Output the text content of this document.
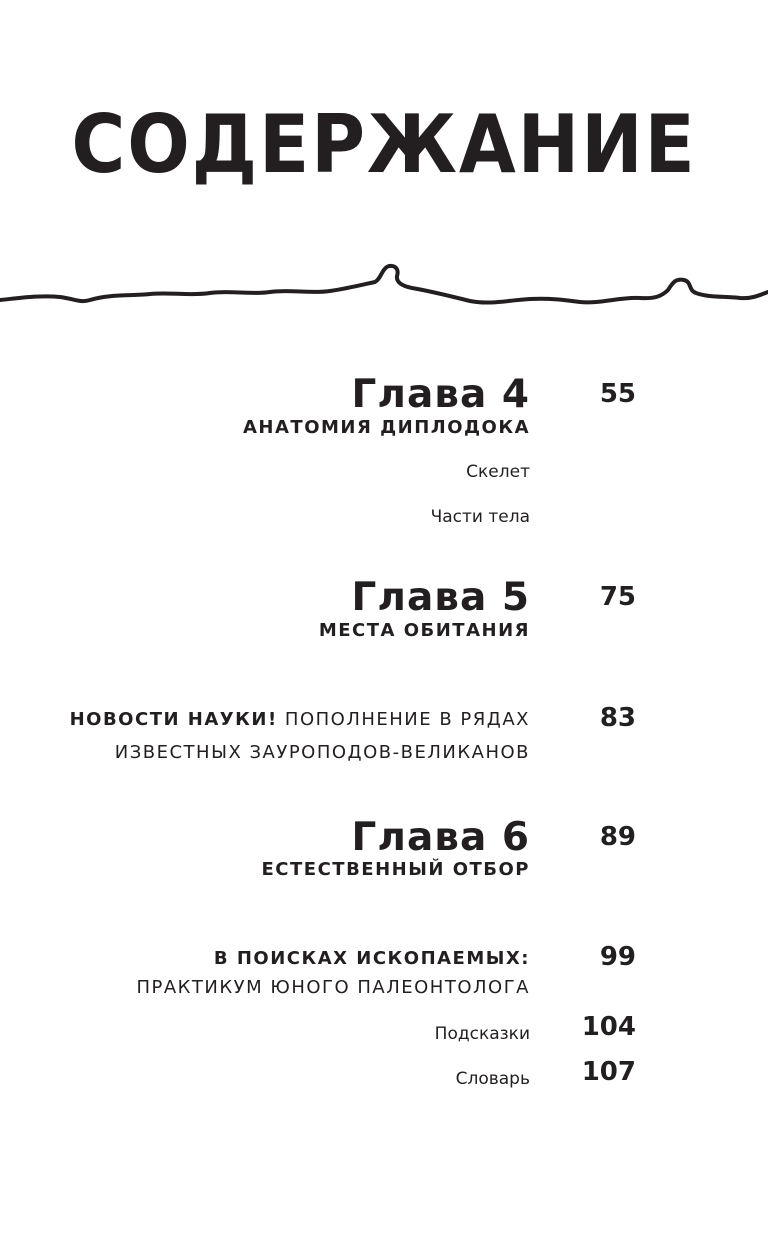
СОДЕРЖАНИЕ
Глава 4	55
АНАТОМИЯ ДИПЛОДОКА
Скелет
Части тела
Глава 5	75
МЕСТА ОБИТАНИЯ
НОВОСТИ НАУКИ! ПОПОЛНЕНИЕ В РЯДАХ	83
ИЗВЕСТНЫХ ЗАУРОПОДОВ-ВЕЛИКАНОВ
Глава 6	89
ЕСТЕСТВЕННЫЙ ОТБОР
В ПОИСКАХ ИСКОПАЕМЫХ:	99
ПРАКТИКУМ ЮНОГО ПАЛЕОНТОЛОГА
Подсказки 104
Словарь 107
